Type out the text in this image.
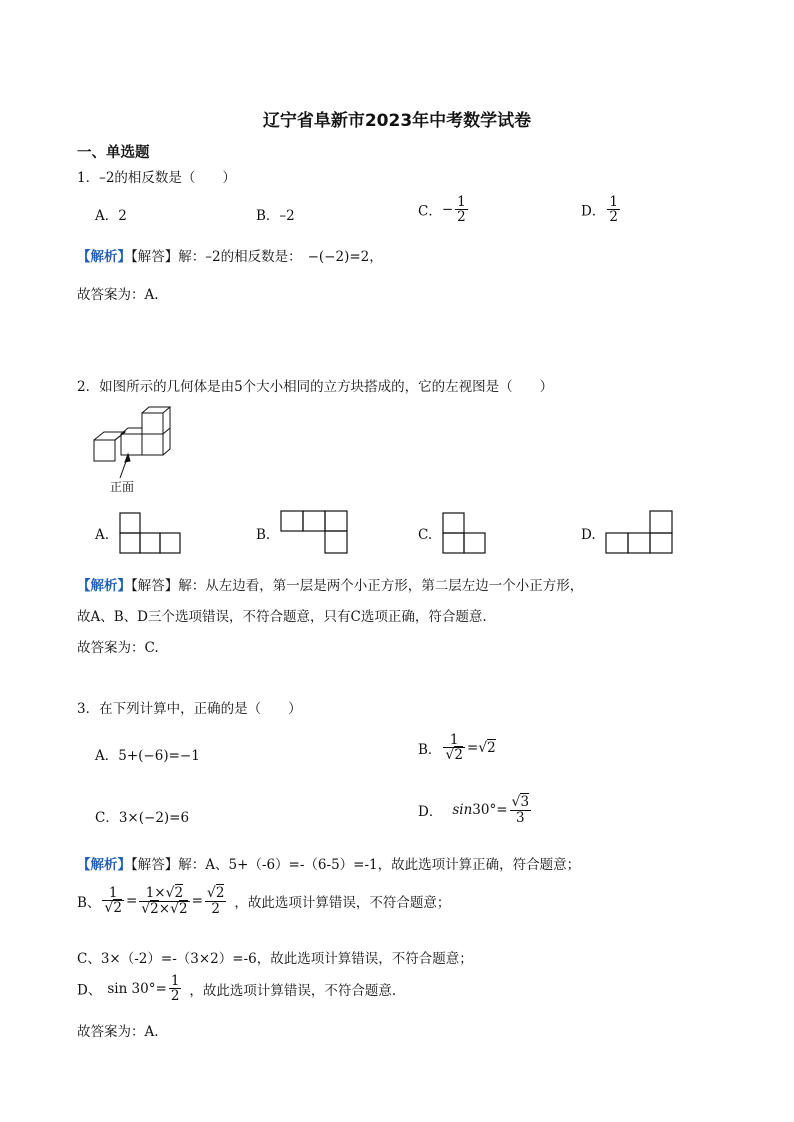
辽宁省阜新市2023年中考数学试卷
一、单选题
1．–2的相反数是（　　）
A．2	B．–2	C．− $\frac{1}{2}$	D． $\frac{1}{2}$
【解析】【解答】解：–2的相反数是： −(−2)=2，
故答案为：A.
2．如图所示的几何体是由5个大小相同的立方块搭成的，它的左视图是（　　）
正面
A.	B.	C.	D.
【解析】【解答】解：从左边看，第一层是两个小正方形，第二层左边一个小正方形，
故A、B、D三个选项错误，不符合题意，只有C选项正确，符合题意.
故答案为：C.
3．在下列计算中，正确的是（　　）
A．5+(−6)=−1	B． $\frac{1}{√2} =√2$
C．3×(−2)=6	D． $\sin 30^\circ= \frac{√3}{3}$
【解析】【解答】解：A、5+（-6）=-（6-5）=-1，故此选项计算正确，符合题意；
B、 $\frac{1}{√2} = \frac{1\times√2}{√2\times√2} = \frac{√2}{2}$ ，故此选项计算错误，不符合题意；
C、3×（-2）=-（3×2）=-6，故此选项计算错误，不符合题意；
D、 $\sin 30^\circ= \frac{1}{2}$ ，故此选项计算错误，不符合题意.
故答案为：A.
